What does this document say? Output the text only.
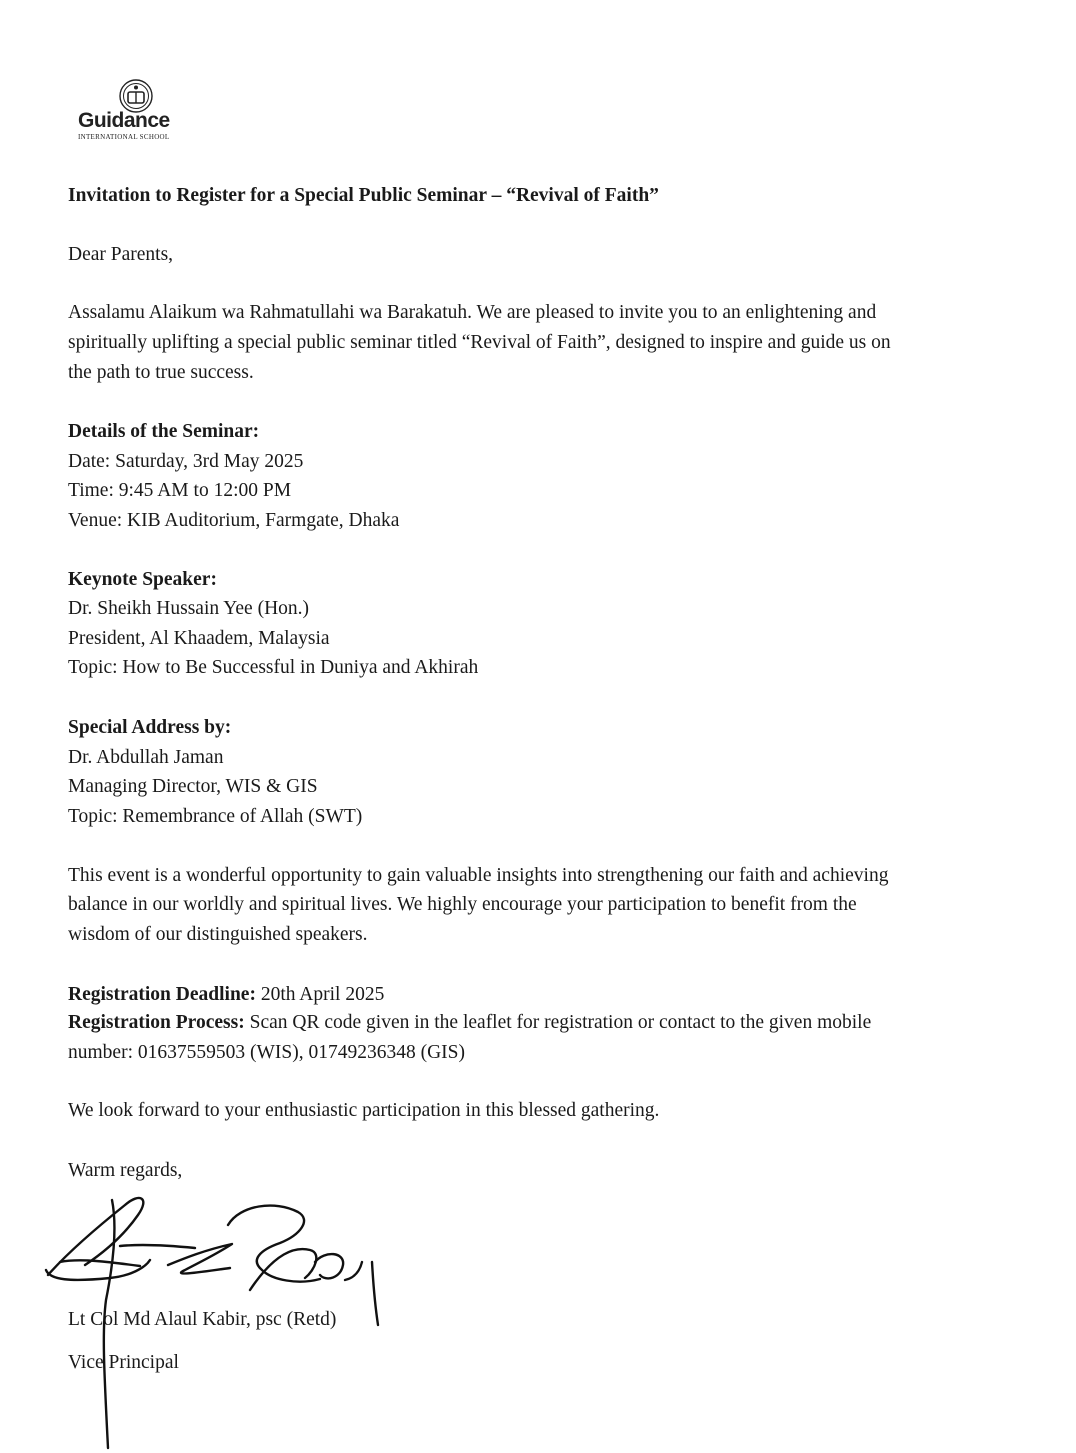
Guidance
INTERNATIONAL SCHOOL
Invitation to Register for a Special Public Seminar – “Revival of Faith”
Dear Parents,
Assalamu Alaikum wa Rahmatullahi wa Barakatuh. We are pleased to invite you to an enlightening and
spiritually uplifting a special public seminar titled “Revival of Faith”, designed to inspire and guide us on
the path to true success.
Details of the Seminar:
Date: Saturday, 3rd May 2025
Time: 9:45 AM to 12:00 PM
Venue: KIB Auditorium, Farmgate, Dhaka
Keynote Speaker:
Dr. Sheikh Hussain Yee (Hon.)
President, Al Khaadem, Malaysia
Topic: How to Be Successful in Duniya and Akhirah
Special Address by:
Dr. Abdullah Jaman
Managing Director, WIS & GIS
Topic: Remembrance of Allah (SWT)
This event is a wonderful opportunity to gain valuable insights into strengthening our faith and achieving
balance in our worldly and spiritual lives. We highly encourage your participation to benefit from the
wisdom of our distinguished speakers.
Registration Deadline: 20th April 2025
Registration Process: Scan QR code given in the leaflet for registration or contact to the given mobile
number: 01637559503 (WIS), 01749236348 (GIS)
We look forward to your enthusiastic participation in this blessed gathering.
Warm regards,
Lt Col Md Alaul Kabir, psc (Retd)
Vice Principal
